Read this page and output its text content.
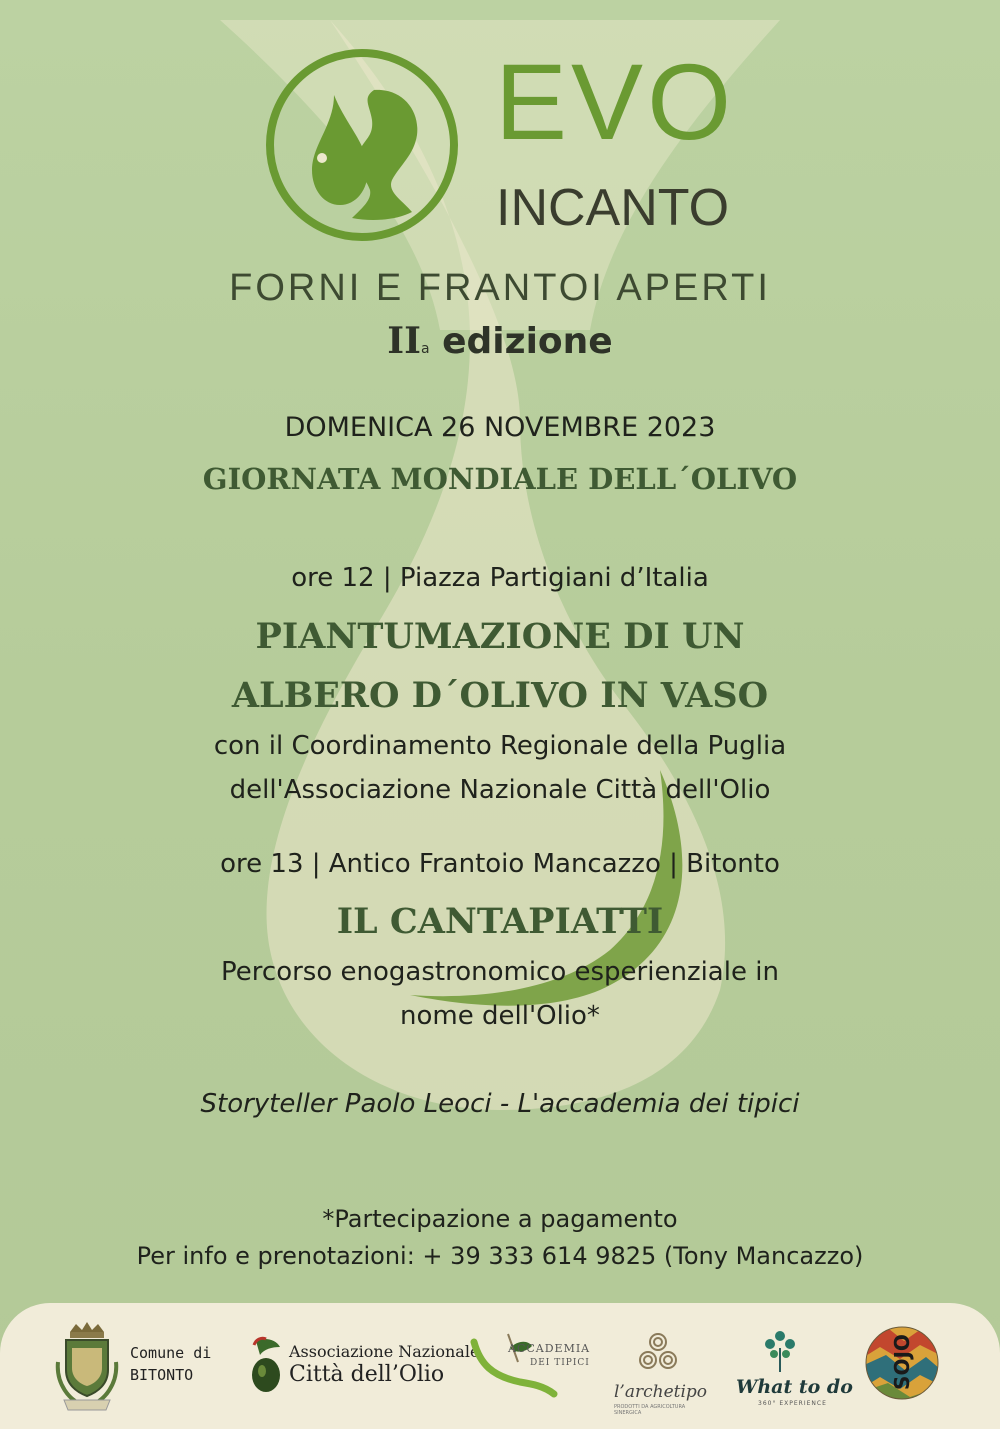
EVO
INCANTO
FORNI E FRANTOI APERTI
IIa edizione
DOMENICA 26 NOVEMBRE 2023
GIORNATA MONDIALE DELL´OLIVO
ore 12 | Piazza Partigiani d’Italia
PIANTUMAZIONE DI UN
ALBERO D´OLIVO IN VASO
con il Coordinamento Regionale della Puglia
dell'Associazione Nazionale Città dell'Olio
ore 13 | Antico Frantoio Mancazzo | Bitonto
IL CANTAPIATTI
Percorso enogastronomico esperienziale in
nome dell'Olio*
Storyteller Paolo Leoci - L'accademia dei tipici
*Partecipazione a pagamento
Per info e prenotazioni: + 39 333 614 9825 (Tony Mancazzo)
Comune di
BITONTO
Associazione Nazionale
Città dell’Olio
ACCADEMIA
DEI TIPICI
l’archetipo
PRODOTTI DA AGRICOLTURA SINERGICA
What to do
360° EXPERIENCE
SOJO
